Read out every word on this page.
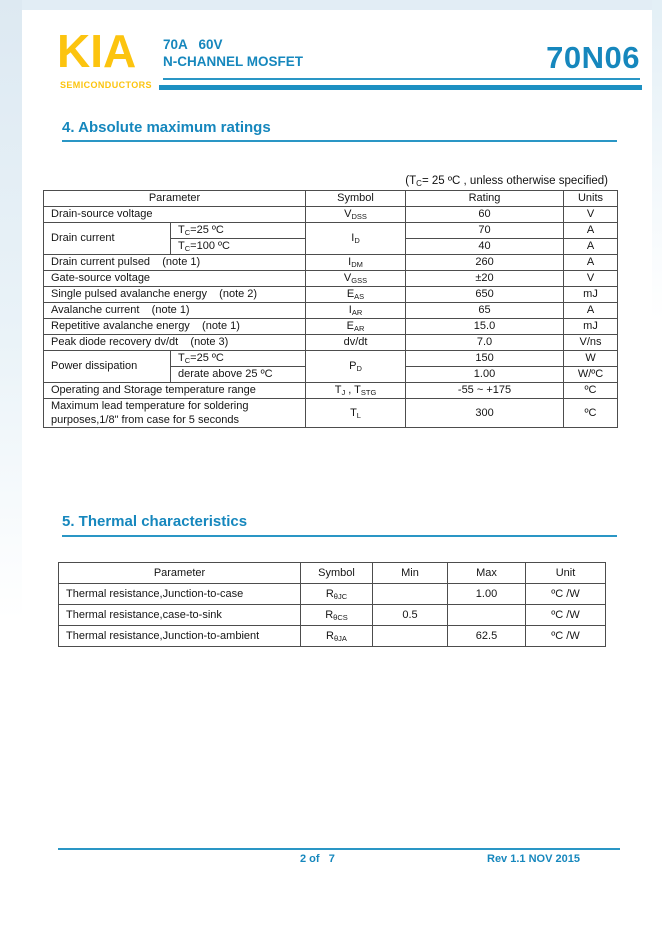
KIA
SEMICONDUCTORS
70A   60V
N-CHANNEL MOSFET	70N06
4. Absolute maximum ratings
($T_C= 25$ ºC , unless otherwise specified)
Parameter		Symbol	Rating	Units
Drain-source voltage		$V_{DSS}$	60	V
Drain current	$T_C=25$ ºC	$I_D$	70	A
	$T_C=100$ ºC		40	A
Drain current pulsed    (note 1)		$I_{DM}$	260	A
Gate-source voltage		$V_{GSS}$	±20	V
Single pulsed avalanche energy    (note 2)		$E_{AS}$	650	mJ
Avalanche current    (note 1)		$I_{AR}$	65	A
Repetitive avalanche energy    (note 1)		$E_{AR}$	15.0	mJ
Peak diode recovery dv/dt    (note 3)		dv/dt	7.0	V/ns
Power dissipation	$T_C=25$ ºC	$P_D$	150	W
	derate above 25 ºC		1.00	W/ºC
Operating and Storage temperature range		$T_J$ , $T_{STG}$	-55 ~ +175	ºC
Maximum lead temperature for soldering purposes,1/8" from case for 5 seconds		$T_L$	300	ºC
5. Thermal characteristics
Parameter	Symbol	Min	Max	Unit
Thermal resistance,Junction-to-case	$R_{\theta JC}$		1.00	ºC /W
Thermal resistance,case-to-sink	$R_{\theta CS}$	0.5		ºC /W
Thermal resistance,Junction-to-ambient	$R_{\theta JA}$		62.5	ºC /W
2 of   7	Rev 1.1 NOV 2015
